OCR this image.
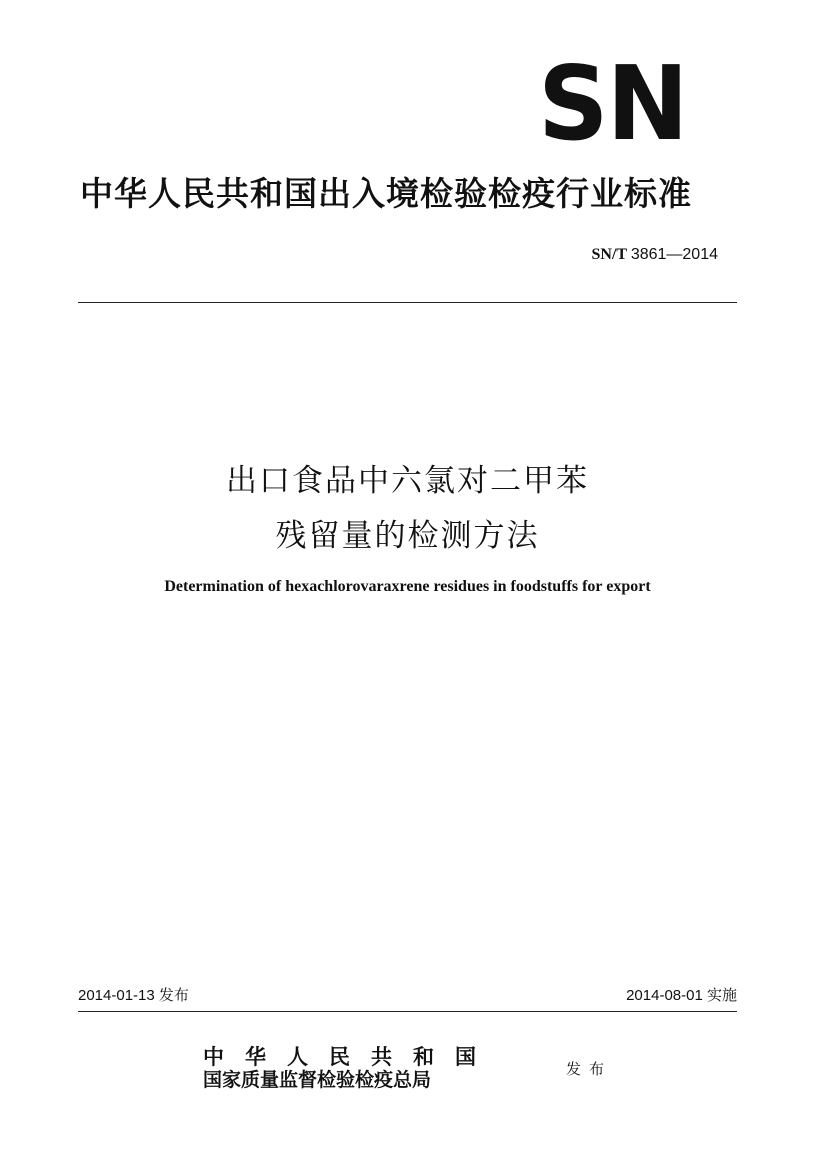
SN
中华人民共和国出入境检验检疫行业标准
SN/T 3861—2014
出口食品中六氯对二甲苯
残留量的检测方法
Determination of hexachlorovaraxrene residues in foodstuffs for export
2014-01-13 发布	2014-08-01 实施
中华人民共和国
国家质量监督检验检疫总局	发布
